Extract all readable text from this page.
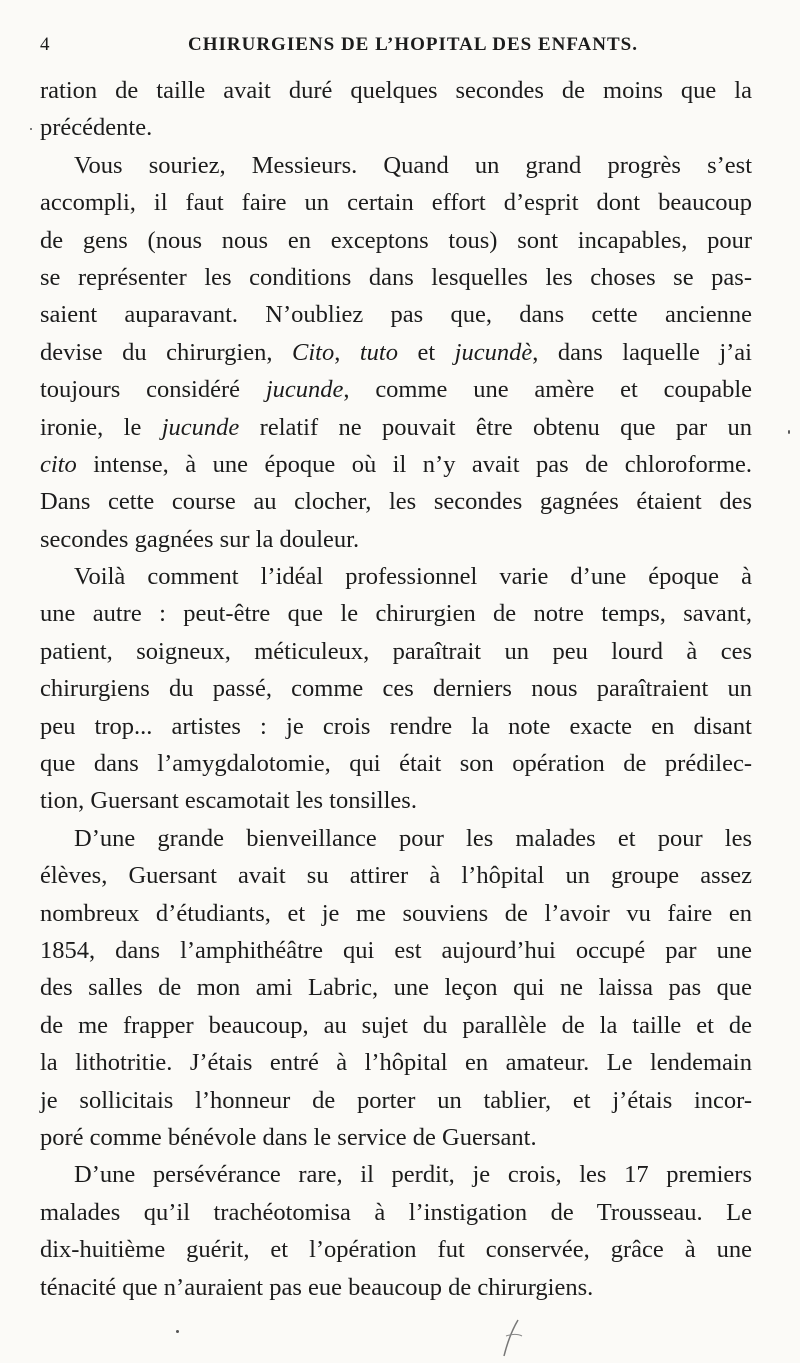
4	CHIRURGIENS DE L’HOPITAL DES ENFANTS.
ration de taille avait duré quelques secondes de moins que la
précédente.
Vous souriez, Messieurs. Quand un grand progrès s’est
accompli, il faut faire un certain effort d’esprit dont beaucoup
de gens (nous nous en exceptons tous) sont incapables, pour
se représenter les conditions dans lesquelles les choses se pas-
saient auparavant. N’oubliez pas que, dans cette ancienne
devise du chirurgien, Cito, tuto et jucundè, dans laquelle j’ai
toujours considéré jucunde, comme une amère et coupable
ironie, le jucunde relatif ne pouvait être obtenu que par un
cito intense, à une époque où il n’y avait pas de chloroforme.
Dans cette course au clocher, les secondes gagnées étaient des
secondes gagnées sur la douleur.
Voilà comment l’idéal professionnel varie d’une époque à
une autre : peut-être que le chirurgien de notre temps, savant,
patient, soigneux, méticuleux, paraîtrait un peu lourd à ces
chirurgiens du passé, comme ces derniers nous paraîtraient un
peu trop... artistes : je crois rendre la note exacte en disant
que dans l’amygdalotomie, qui était son opération de prédilec-
tion, Guersant escamotait les tonsilles.
D’une grande bienveillance pour les malades et pour les
élèves, Guersant avait su attirer à l’hôpital un groupe assez
nombreux d’étudiants, et je me souviens de l’avoir vu faire en
1854, dans l’amphithéâtre qui est aujourd’hui occupé par une
des salles de mon ami Labric, une leçon qui ne laissa pas que
de me frapper beaucoup, au sujet du parallèle de la taille et de
la lithotritie. J’étais entré à l’hôpital en amateur. Le lendemain
je sollicitais l’honneur de porter un tablier, et j’étais incor-
poré comme bénévole dans le service de Guersant.
D’une persévérance rare, il perdit, je crois, les 17 premiers
malades qu’il trachéotomisa à l’instigation de Trousseau. Le
dix-huitième guérit, et l’opération fut conservée, grâce à une
ténacité que n’auraient pas eue beaucoup de chirurgiens.
